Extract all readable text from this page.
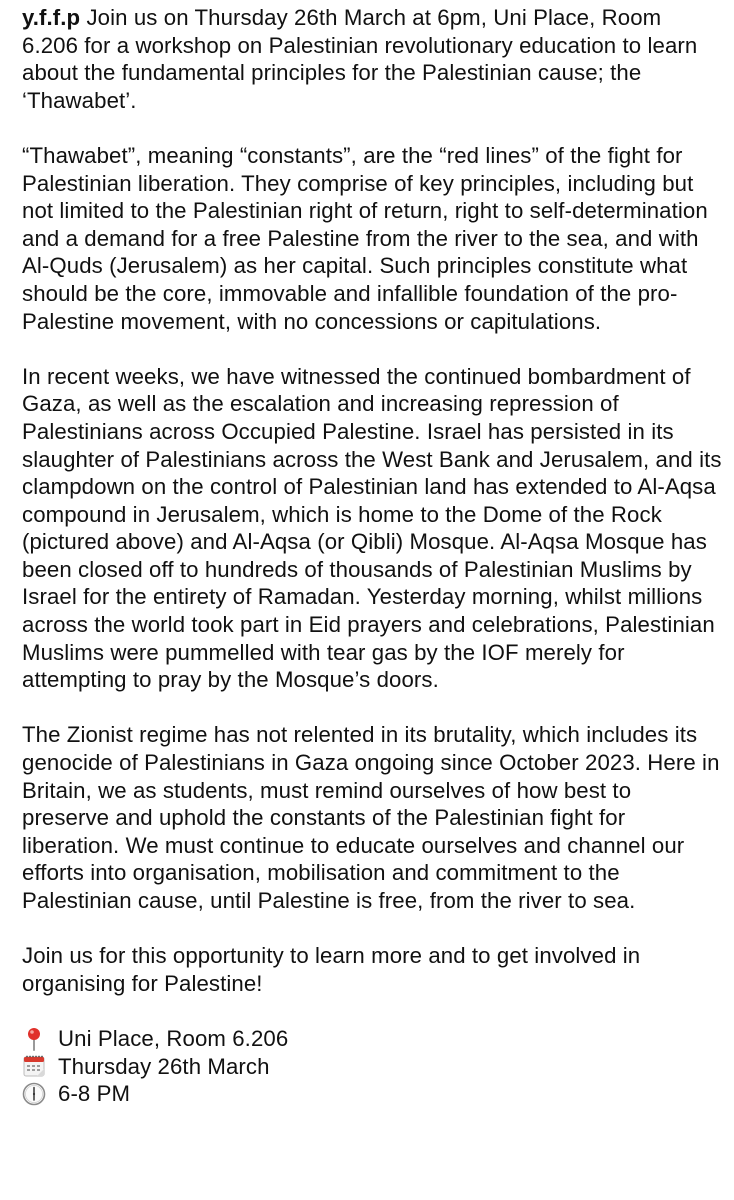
y.f.f.p Join us on Thursday 26th March at 6pm, Uni Place, Room 6.206 for a workshop on Palestinian revolutionary education to learn about the fundamental principles for the Palestinian cause; the ‘Thawabet’.

“Thawabet”, meaning “constants”, are the “red lines” of the fight for Palestinian liberation. They comprise of key principles, including but not limited to the Palestinian right of return, right to self-determination and a demand for a free Palestine from the river to the sea, and with Al-Quds (Jerusalem) as her capital. Such principles constitute what should be the core, immovable and infallible foundation of the pro-Palestine movement, with no concessions or capitulations.

In recent weeks, we have witnessed the continued bombardment of Gaza, as well as the escalation and increasing repression of Palestinians across Occupied Palestine. Israel has persisted in its slaughter of Palestinians across the West Bank and Jerusalem, and its clampdown on the control of Palestinian land has extended to Al-Aqsa compound in Jerusalem, which is home to the Dome of the Rock (pictured above) and Al-Aqsa (or Qibli) Mosque. Al-Aqsa Mosque has been closed off to hundreds of thousands of Palestinian Muslims by Israel for the entirety of Ramadan. Yesterday morning, whilst millions across the world took part in Eid prayers and celebrations, Palestinian Muslims were pummelled with tear gas by the IOF merely for attempting to pray by the Mosque’s doors.

The Zionist regime has not relented in its brutality, which includes its genocide of Palestinians in Gaza ongoing since October 2023. Here in Britain, we as students, must remind ourselves of how best to preserve and uphold the constants of the Palestinian fight for liberation. We must continue to educate ourselves and channel our efforts into organisation, mobilisation and commitment to the Palestinian cause, until Palestine is free, from the river to sea.

Join us for this opportunity to learn more and to get involved in organising for Palestine!

Uni Place, Room 6.206
Thursday 26th March
6-8 PM
